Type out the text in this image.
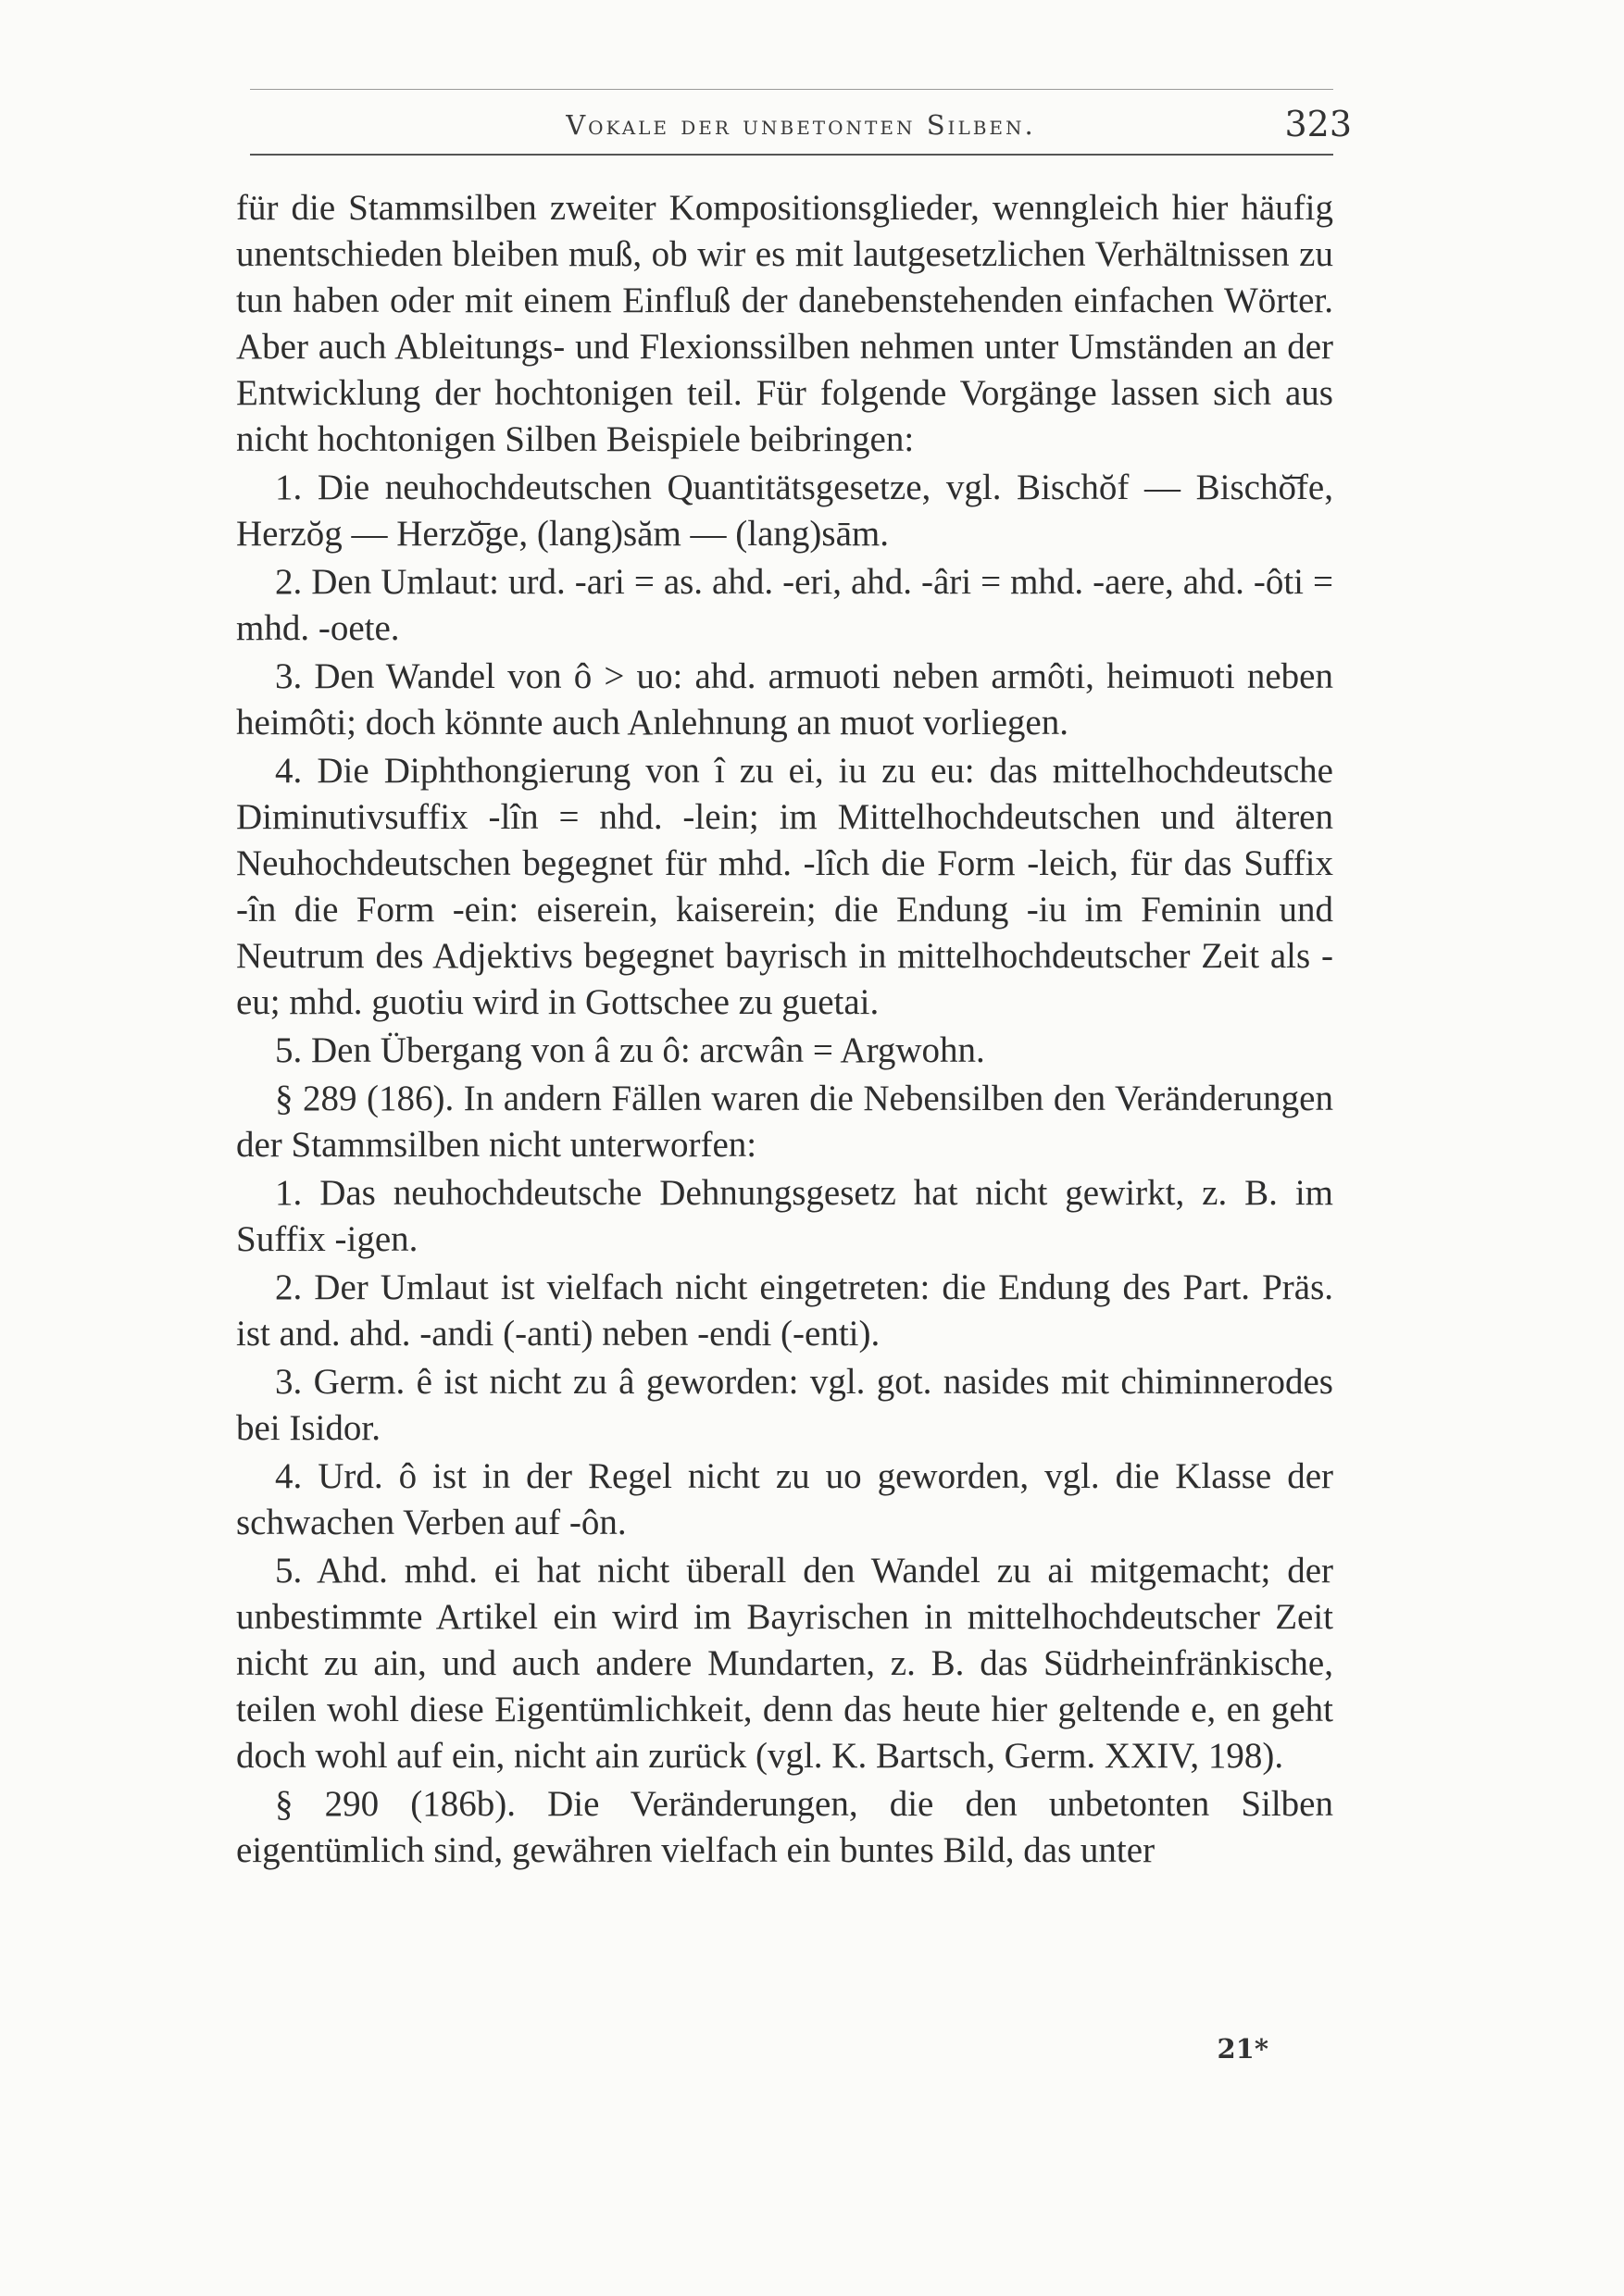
Vokale der unbetonten Silben.	323

für die Stammsilben zweiter Kompositionsglieder, wenngleich hier häufig unentschieden bleiben muß, ob wir es mit lautgesetzlichen Verhältnissen zu tun haben oder mit einem Einfluß der danebenstehenden einfachen Wörter. Aber auch Ableitungs- und Flexionssilben nehmen unter Umständen an der Entwicklung der hochtonigen teil. Für folgende Vorgänge lassen sich aus nicht hochtonigen Silben Beispiele beibringen:

1. Die neuhochdeutschen Quantitätsgesetze, vgl. Bischŏf — Bischŏ̄fe, Herzŏg — Herzŏ̄ge, (lang)săm — (lang)sām.

2. Den Umlaut: urd. -ari = as. ahd. -eri, ahd. -âri = mhd. -aere, ahd. -ôti = mhd. -oete.

3. Den Wandel von ô > uo: ahd. armuoti neben armôti, heimuoti neben heimôti; doch könnte auch Anlehnung an muot vorliegen.

4. Die Diphthongierung von î zu ei, iu zu eu: das mittelhochdeutsche Diminutivsuffix -lîn = nhd. -lein; im Mittelhochdeutschen und älteren Neuhochdeutschen begegnet für mhd. -lîch die Form -leich, für das Suffix -în die Form -ein: eiserein, kaiserein; die Endung -iu im Feminin und Neutrum des Adjektivs begegnet bayrisch in mittelhochdeutscher Zeit als -eu; mhd. guotiu wird in Gottschee zu guetai.

5. Den Übergang von â zu ô: arcwân = Argwohn.

§ 289 (186). In andern Fällen waren die Nebensilben den Veränderungen der Stammsilben nicht unterworfen:

1. Das neuhochdeutsche Dehnungsgesetz hat nicht gewirkt, z. B. im Suffix -igen.

2. Der Umlaut ist vielfach nicht eingetreten: die Endung des Part. Präs. ist and. ahd. -andi (-anti) neben -endi (-enti).

3. Germ. ê ist nicht zu â geworden: vgl. got. nasides mit chiminnerodes bei Isidor.

4. Urd. ô ist in der Regel nicht zu uo geworden, vgl. die Klasse der schwachen Verben auf -ôn.

5. Ahd. mhd. ei hat nicht überall den Wandel zu ai mitgemacht; der unbestimmte Artikel ein wird im Bayrischen in mittelhochdeutscher Zeit nicht zu ain, und auch andere Mundarten, z. B. das Südrheinfränkische, teilen wohl diese Eigentümlichkeit, denn das heute hier geltende e, en geht doch wohl auf ein, nicht ain zurück (vgl. K. Bartsch, Germ. XXIV, 198).

§ 290 (186b). Die Veränderungen, die den unbetonten Silben eigentümlich sind, gewähren vielfach ein buntes Bild, das unter

21*
